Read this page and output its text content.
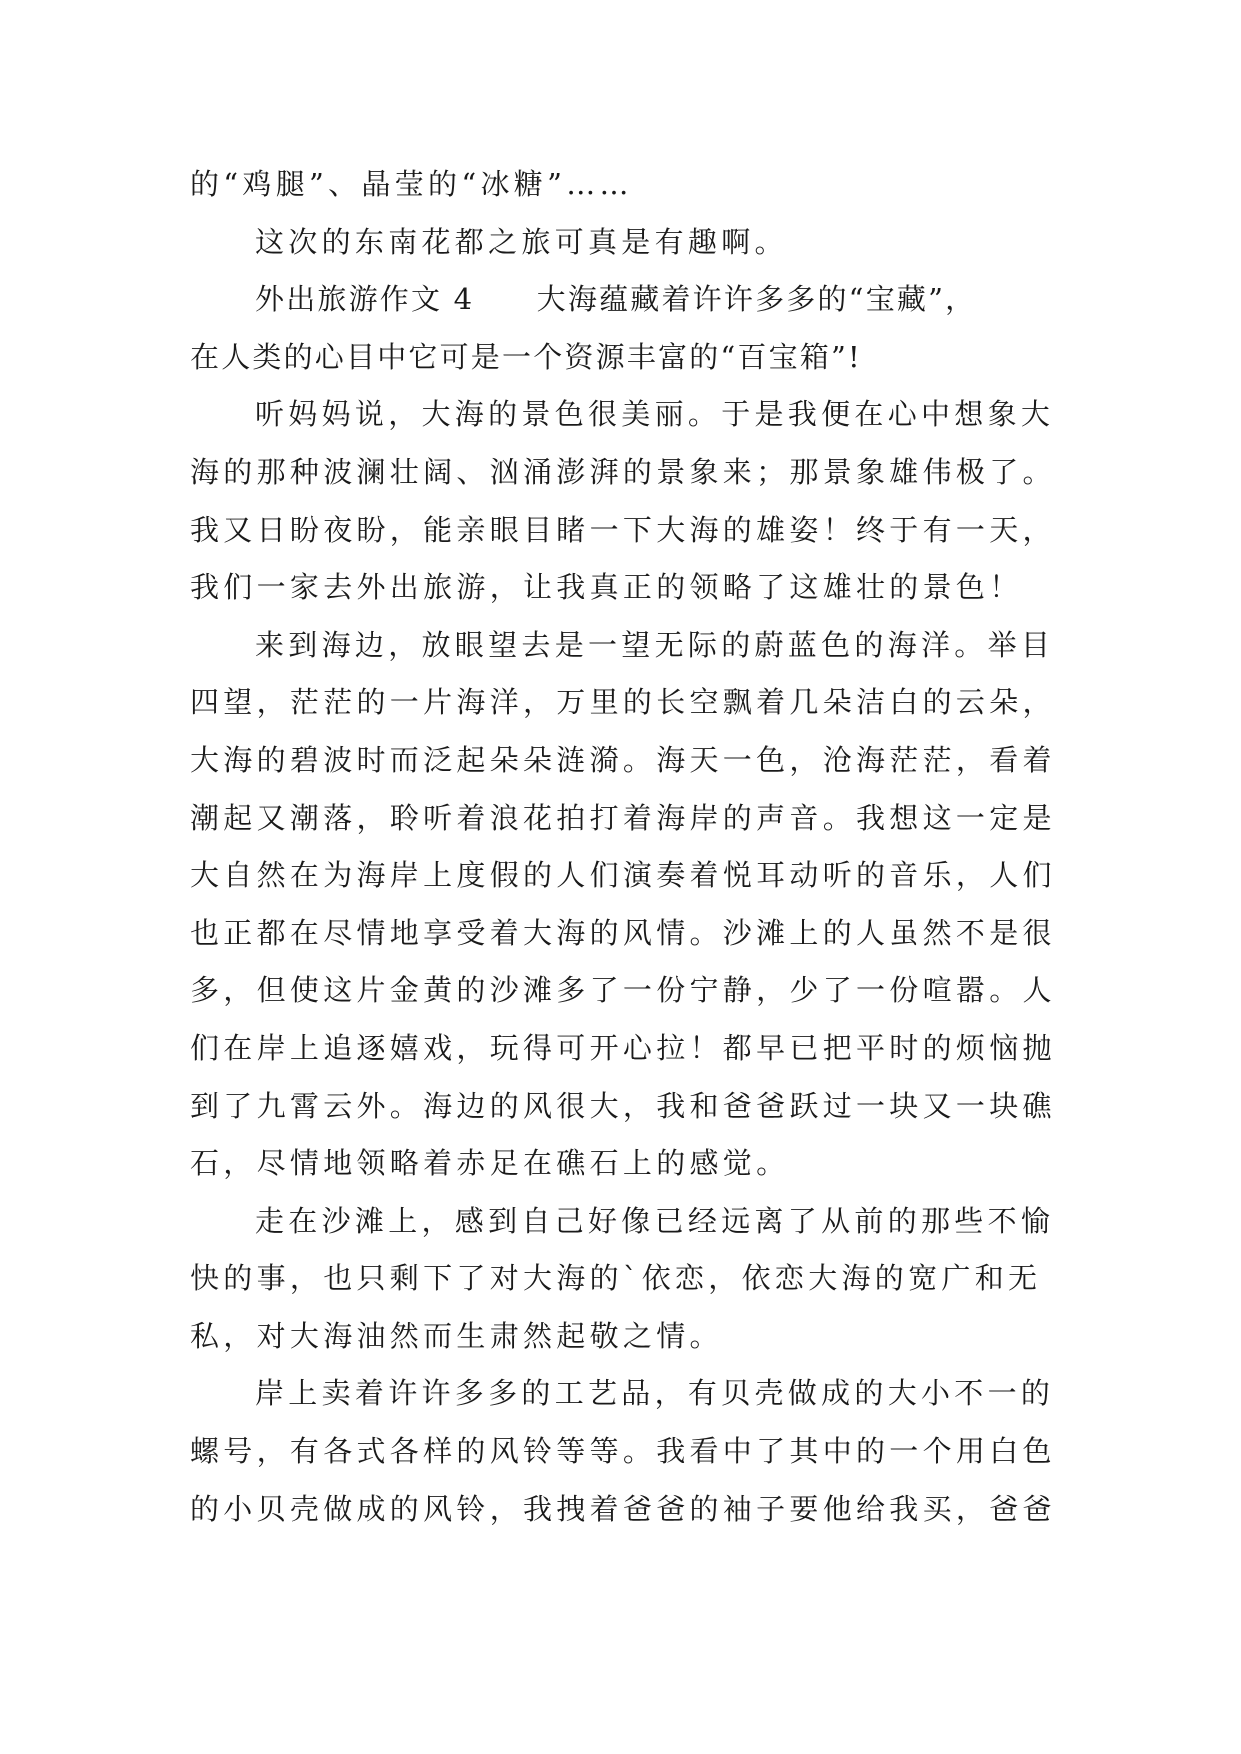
的“鸡腿”、晶莹的“冰糖”……
这次的东南花都之旅可真是有趣啊。
外出旅游作文 4　　大海蕴藏着许许多多的“宝藏”，
在人类的心目中它可是一个资源丰富的“百宝箱”!
听妈妈说，大海的景色很美丽。于是我便在心中想象大
海的那种波澜壮阔、汹涌澎湃的景象来；那景象雄伟极了。
我又日盼夜盼，能亲眼目睹一下大海的雄姿！终于有一天，
我们一家去外出旅游，让我真正的领略了这雄壮的景色！
来到海边，放眼望去是一望无际的蔚蓝色的海洋。举目
四望，茫茫的一片海洋，万里的长空飘着几朵洁白的云朵，
大海的碧波时而泛起朵朵涟漪。海天一色，沧海茫茫，看着
潮起又潮落，聆听着浪花拍打着海岸的声音。我想这一定是
大自然在为海岸上度假的人们演奏着悦耳动听的音乐，人们
也正都在尽情地享受着大海的风情。沙滩上的人虽然不是很
多，但使这片金黄的沙滩多了一份宁静，少了一份喧嚣。人
们在岸上追逐嬉戏，玩得可开心拉！都早已把平时的烦恼抛
到了九霄云外。海边的风很大，我和爸爸跃过一块又一块礁
石，尽情地领略着赤足在礁石上的感觉。
走在沙滩上，感到自己好像已经远离了从前的那些不愉
快的事，也只剩下了对大海的`依恋，依恋大海的宽广和无
私，对大海油然而生肃然起敬之情。
岸上卖着许许多多的工艺品，有贝壳做成的大小不一的
螺号，有各式各样的风铃等等。我看中了其中的一个用白色
的小贝壳做成的风铃，我拽着爸爸的袖子要他给我买，爸爸
